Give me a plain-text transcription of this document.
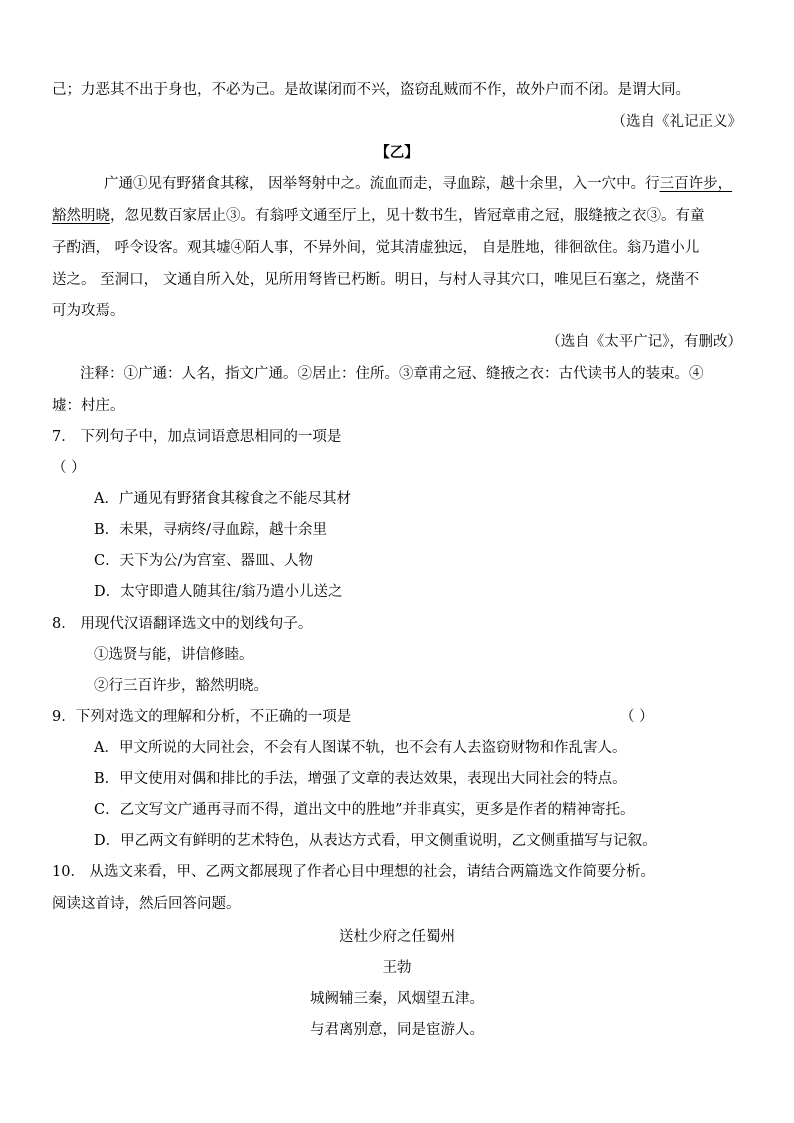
己；力恶其不出于身也，不必为己。是故谋闭而不兴，盗窃乱贼而不作，故外户而不闭。是谓大同。
（选自《礼记正义》
【乙】
广通①见有野猪食其稼， 因举弩射中之。流血而走，寻血踪，越十余里，入一穴中。行三百许步，
豁然明晓，忽见数百家居止③。有翁呼文通至厅上，见十数书生，皆冠章甫之冠，服缝掖之衣③。有童
子酌酒， 呼令设客。观其墟④陌人事，不异外间，觉其清虚独远， 自是胜地，徘徊欲住。翁乃遣小儿
送之。 至洞口， 文通自所入处，见所用弩皆已朽断。明日，与村人寻其穴口，唯见巨石塞之，烧凿不
可为攻焉。
（选自《太平广记》，有删改）
注释：①广通：人名，指文广通。②居止：住所。③章甫之冠、缝掖之衣：古代读书人的装束。④
墟：村庄。
7． 下列句子中，加点词语意思相同的一项是
（ ）
A．广通见有野猪食其稼食之不能尽其材
B．未果，寻病终/寻血踪，越十余里
C．天下为公/为宫室、器皿、人物
D．太守即遣人随其往/翁乃遣小儿送之
8． 用现代汉语翻译选文中的划线句子。
①选贤与能，讲信修睦。
②行三百许步，豁然明晓。
9．下列对选文的理解和分析，不正确的一项是	（ ）
A．甲文所说的大同社会，不会有人图谋不轨，也不会有人去盗窃财物和作乱害人。
B．甲文使用对偶和排比的手法，增强了文章的表达效果，表现出大同社会的特点。
C．乙文写文广通再寻而不得，道出文中的胜地”并非真实，更多是作者的精神寄托。
D．甲乙两文有鲜明的艺术特色，从表达方式看，甲文侧重说明，乙文侧重描写与记叙。
10． 从选文来看，甲、乙两文都展现了作者心目中理想的社会，请结合两篇选文作简要分析。
阅读这首诗，然后回答问题。
送杜少府之任蜀州
王勃
城阙辅三秦，风烟望五津。
与君离别意，同是宦游人。
